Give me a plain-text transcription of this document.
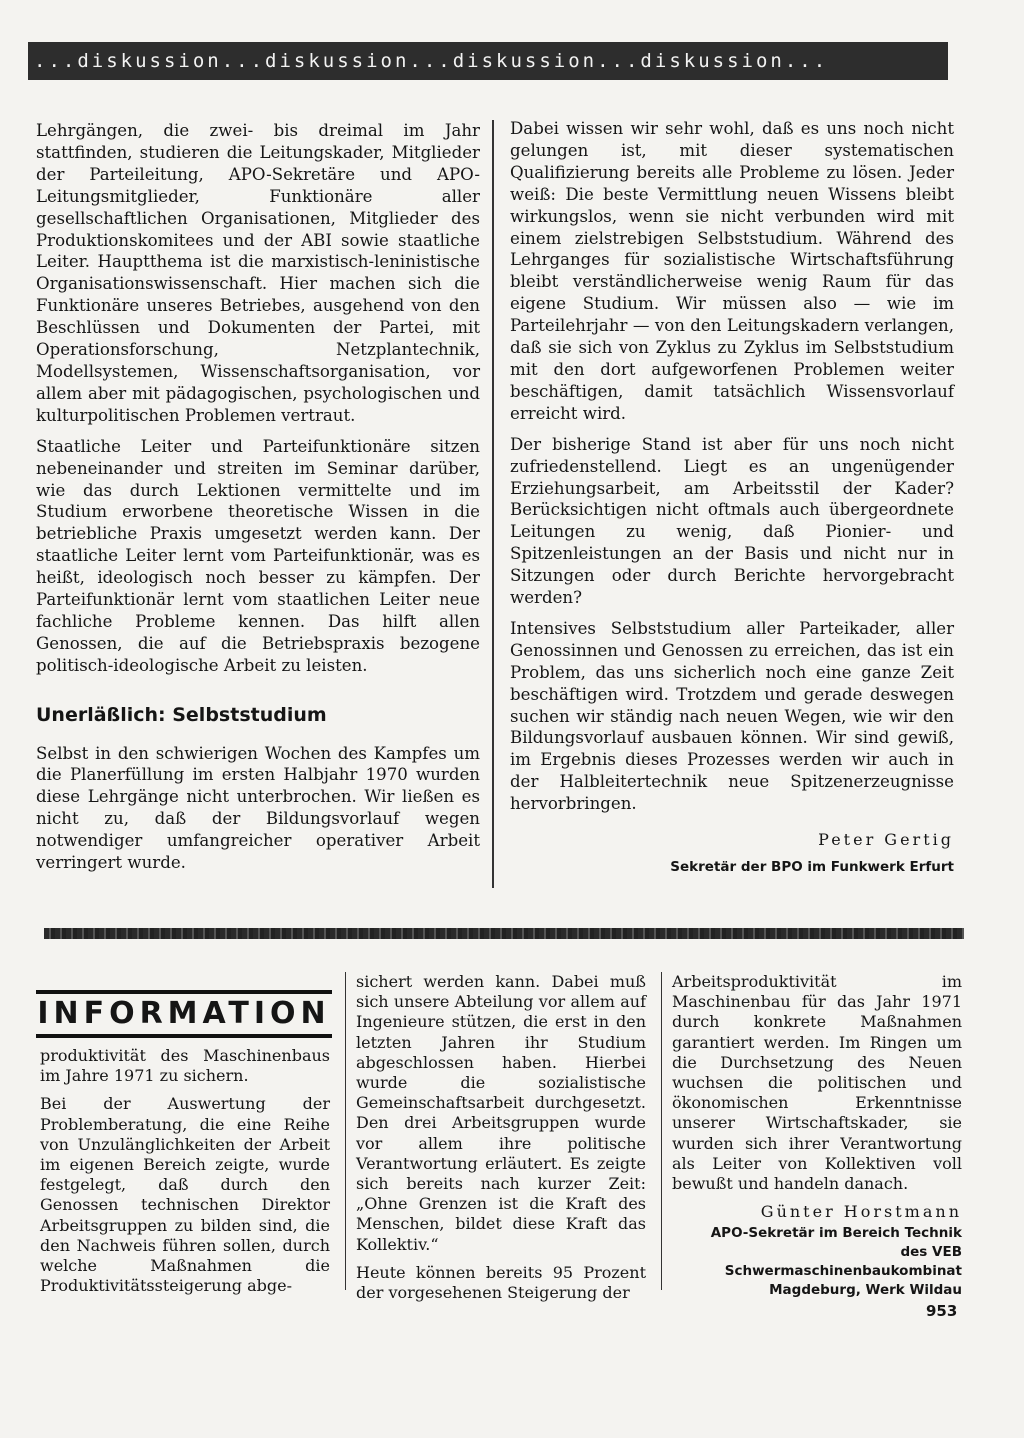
...diskussion...diskussion...diskussion...diskussion...

Lehrgängen, die zwei- bis dreimal im Jahr stattfinden, studieren die Leitungskader, Mitglieder der Parteileitung, APO-Sekretäre und APO-Leitungsmitglieder, Funktionäre aller gesellschaftlichen Organisationen, Mitglieder des Produktionskomitees und der ABI sowie staatliche Leiter. Hauptthema ist die marxistisch-leninistische Organisationswissenschaft. Hier machen sich die Funktionäre unseres Betriebes, ausgehend von den Beschlüssen und Dokumenten der Partei, mit Operationsforschung, Netzplantechnik, Modellsystemen, Wissenschaftsorganisation, vor allem aber mit pädagogischen, psychologischen und kulturpolitischen Problemen vertraut.

Staatliche Leiter und Parteifunktionäre sitzen nebeneinander und streiten im Seminar darüber, wie das durch Lektionen vermittelte und im Studium erworbene theoretische Wissen in die betriebliche Praxis umgesetzt werden kann. Der staatliche Leiter lernt vom Parteifunktionär, was es heißt, ideologisch noch besser zu kämpfen. Der Parteifunktionär lernt vom staatlichen Leiter neue fachliche Probleme kennen. Das hilft allen Genossen, die auf die Betriebspraxis bezogene politisch-ideologische Arbeit zu leisten.

Unerläßlich: Selbststudium

Selbst in den schwierigen Wochen des Kampfes um die Planerfüllung im ersten Halbjahr 1970 wurden diese Lehrgänge nicht unterbrochen. Wir ließen es nicht zu, daß der Bildungsvorlauf wegen notwendiger umfangreicher operativer Arbeit verringert wurde.

Dabei wissen wir sehr wohl, daß es uns noch nicht gelungen ist, mit dieser systematischen Qualifizierung bereits alle Probleme zu lösen. Jeder weiß: Die beste Vermittlung neuen Wissens bleibt wirkungslos, wenn sie nicht verbunden wird mit einem zielstrebigen Selbststudium. Während des Lehrganges für sozialistische Wirtschaftsführung bleibt verständlicherweise wenig Raum für das eigene Studium. Wir müssen also — wie im Parteilehrjahr — von den Leitungskadern verlangen, daß sie sich von Zyklus zu Zyklus im Selbststudium mit den dort aufgeworfenen Problemen weiter beschäftigen, damit tatsächlich Wissensvorlauf erreicht wird.

Der bisherige Stand ist aber für uns noch nicht zufriedenstellend. Liegt es an ungenügender Erziehungsarbeit, am Arbeitsstil der Kader? Berücksichtigen nicht oftmals auch übergeordnete Leitungen zu wenig, daß Pionier- und Spitzenleistungen an der Basis und nicht nur in Sitzungen oder durch Berichte hervorgebracht werden?

Intensives Selbststudium aller Parteikader, aller Genossinnen und Genossen zu erreichen, das ist ein Problem, das uns sicherlich noch eine ganze Zeit beschäftigen wird. Trotzdem und gerade deswegen suchen wir ständig nach neuen Wegen, wie wir den Bildungsvorlauf ausbauen können. Wir sind gewiß, im Ergebnis dieses Prozesses werden wir auch in der Halbleitertechnik neue Spitzenerzeugnisse hervorbringen.

Peter Gertig
Sekretär der BPO im Funkwerk Erfurt
INFORMATION

produktivität des Maschinenbaus im Jahre 1971 zu sichern.

Bei der Auswertung der Problemberatung, die eine Reihe von Unzulänglichkeiten der Arbeit im eigenen Bereich zeigte, wurde festgelegt, daß durch den Genossen technischen Direktor Arbeitsgruppen zu bilden sind, die den Nachweis führen sollen, durch welche Maßnahmen die Produktivitätssteigerung abge-

sichert werden kann. Dabei muß sich unsere Abteilung vor allem auf Ingenieure stützen, die erst in den letzten Jahren ihr Studium abgeschlossen haben. Hierbei wurde die sozialistische Gemeinschaftsarbeit durchgesetzt. Den drei Arbeitsgruppen wurde vor allem ihre politische Verantwortung erläutert. Es zeigte sich bereits nach kurzer Zeit: „Ohne Grenzen ist die Kraft des Menschen, bildet diese Kraft das Kollektiv.“

Heute können bereits 95 Prozent der vorgesehenen Steigerung der

Arbeitsproduktivität im Maschinenbau für das Jahr 1971 durch konkrete Maßnahmen garantiert werden. Im Ringen um die Durchsetzung des Neuen wuchsen die politischen und ökonomischen Erkenntnisse unserer Wirtschaftskader, sie wurden sich ihrer Verantwortung als Leiter von Kollektiven voll bewußt und handeln danach.

Günter Horstmann
APO-Sekretär im Bereich Technik
des VEB
Schwermaschinenbaukombinat
Magdeburg, Werk Wildau
953
